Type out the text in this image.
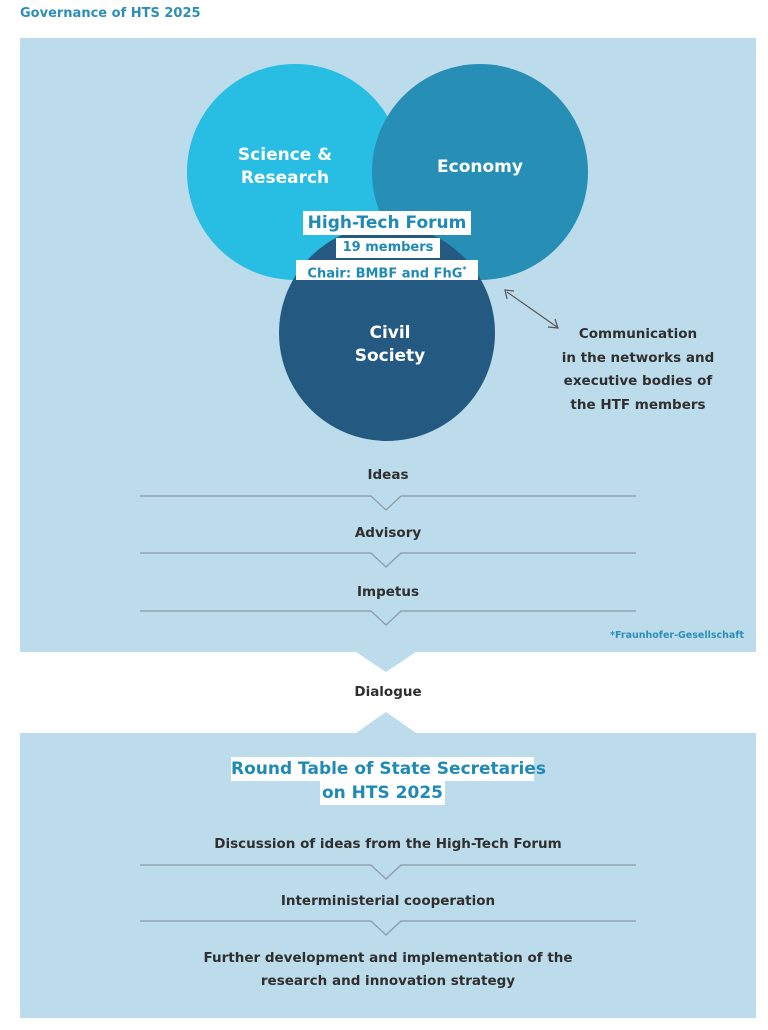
Governance of HTS 2025
Science &
Research
Economy
Civil
Society
High-Tech Forum
19 members
Chair: BMBF and FhG*
Communication
in the networks and
executive bodies of
the HTF members
Ideas
Advisory
Impetus
*Fraunhofer-Gesellschaft
Dialogue
Round Table of State Secretaries
on HTS 2025
Discussion of ideas from the High-Tech Forum
Interministerial cooperation
Further development and implementation of the
research and innovation strategy
